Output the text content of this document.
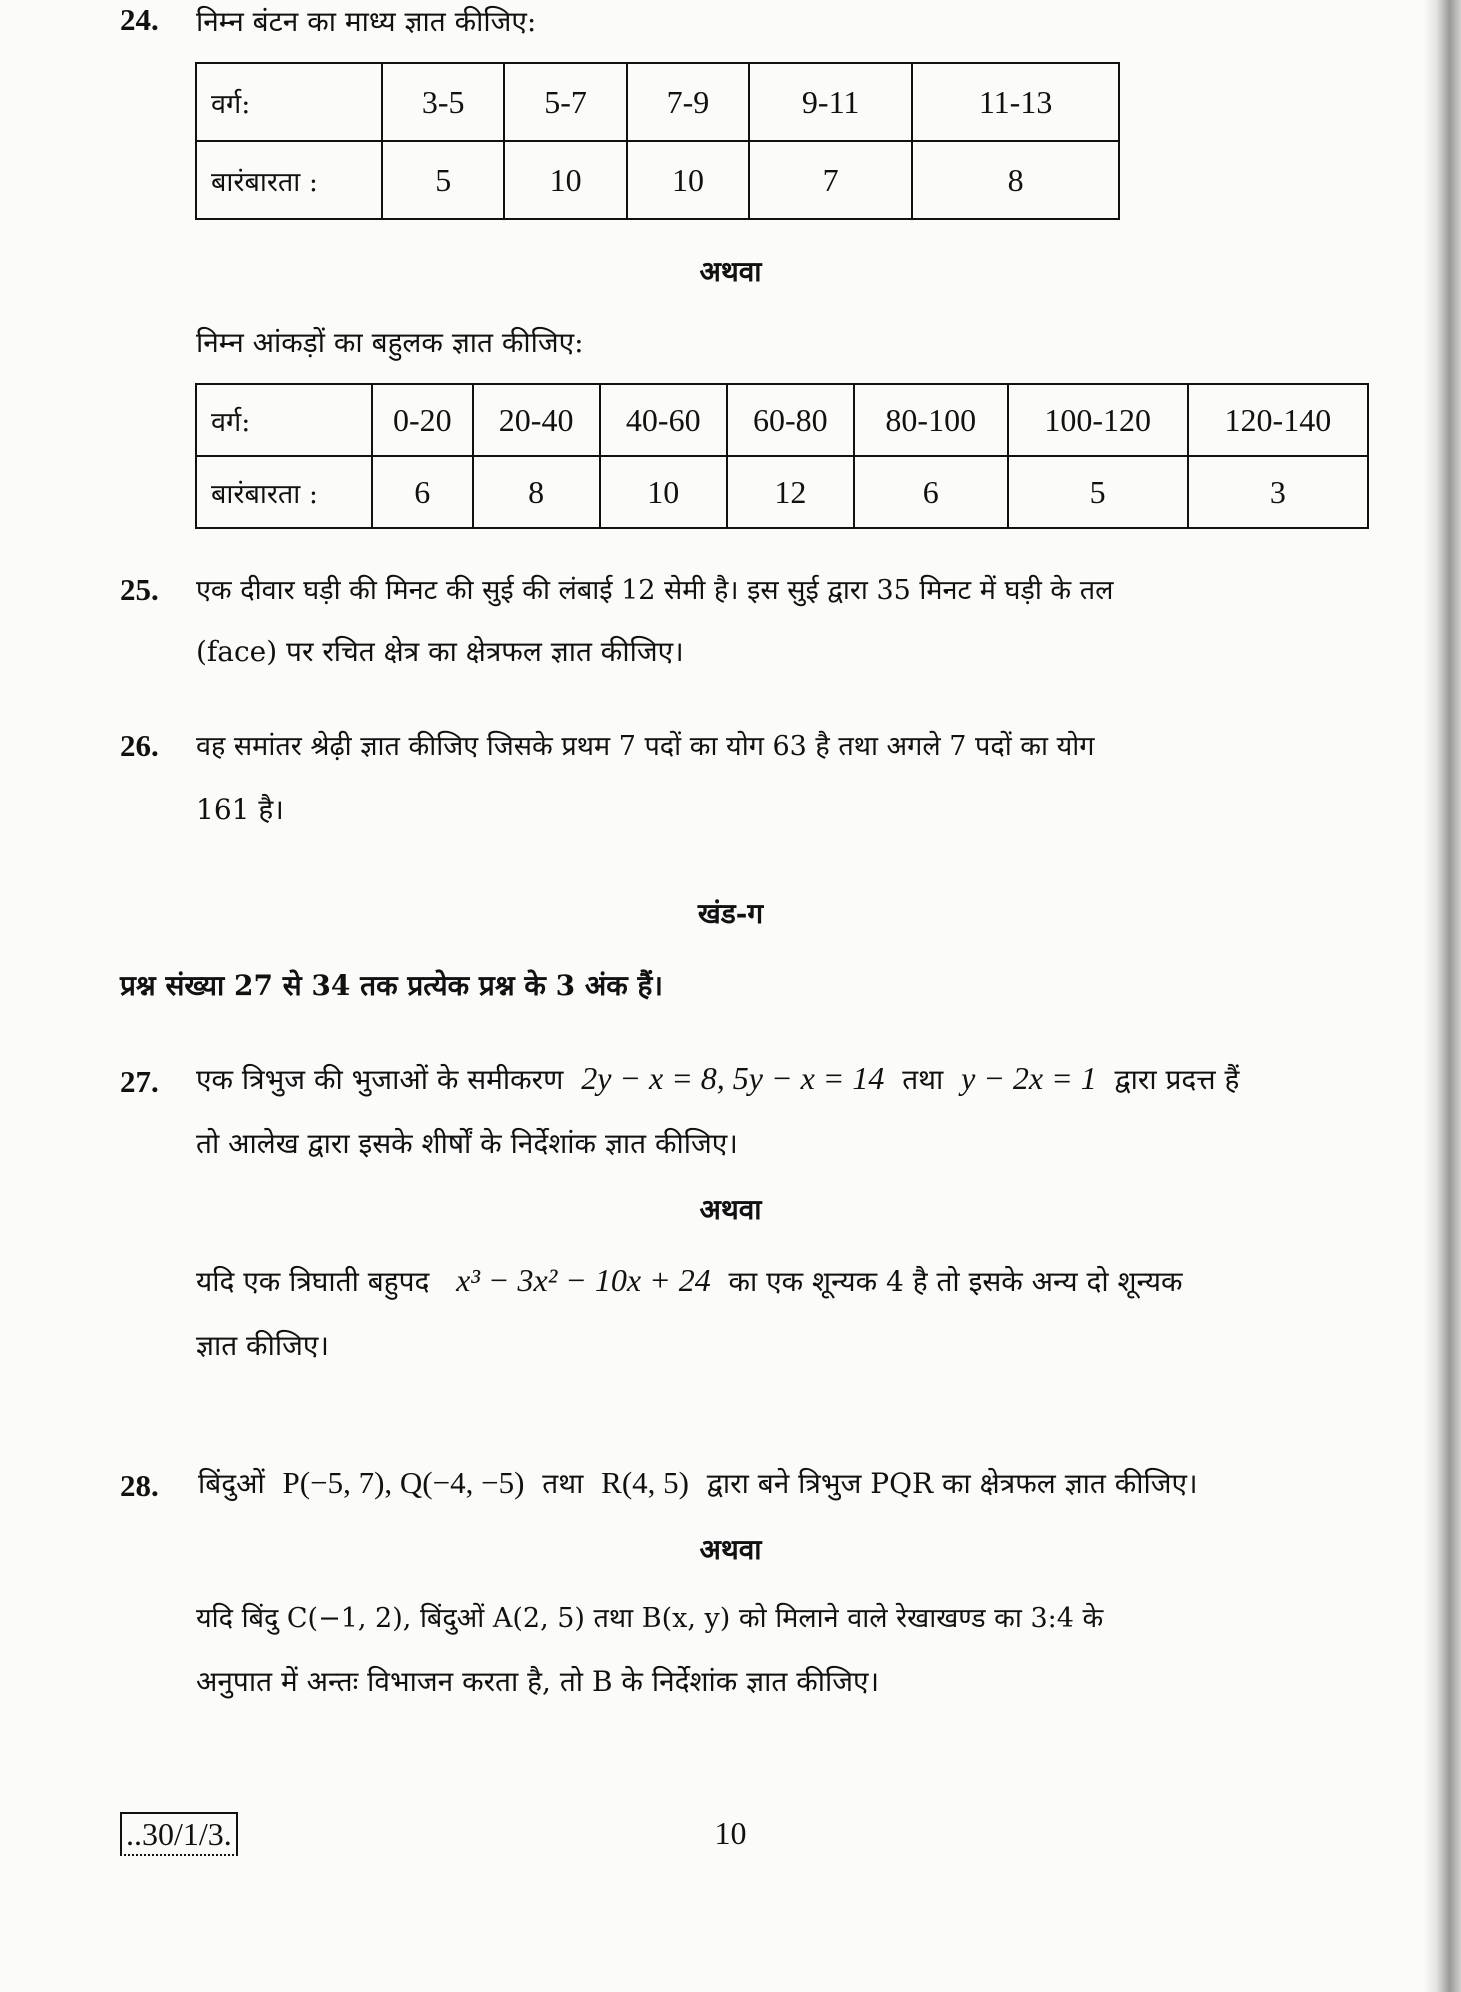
24. निम्न बंटन का माध्य ज्ञात कीजिए:
वर्ग:	3-5	5-7	7-9	9-11	11-13
बारंबारता :	5	10	10	7	8
अथवा
निम्न आंकड़ों का बहुलक ज्ञात कीजिए:
वर्ग:	0-20	20-40	40-60	60-80	80-100	100-120	120-140
बारंबारता :	6	8	10	12	6	5	3
25. एक दीवार घड़ी की मिनट की सुई की लंबाई 12 सेमी है। इस सुई द्वारा 35 मिनट में घड़ी के तल
(face) पर रचित क्षेत्र का क्षेत्रफल ज्ञात कीजिए।
26. वह समांतर श्रेढ़ी ज्ञात कीजिए जिसके प्रथम 7 पदों का योग 63 है तथा अगले 7 पदों का योग
161 है।
खंड-ग
प्रश्न संख्या 27 से 34 तक प्रत्येक प्रश्न के 3 अंक हैं।
27. एक त्रिभुज की भुजाओं के समीकरण 2y − x = 8, 5y − x = 14 तथा y − 2x = 1 द्वारा प्रदत्त हैं
तो आलेख द्वारा इसके शीर्षों के निर्देशांक ज्ञात कीजिए।
अथवा
यदि एक त्रिघाती बहुपद x³ − 3x² − 10x + 24 का एक शून्यक 4 है तो इसके अन्य दो शून्यक
ज्ञात कीजिए।
28. बिंदुओं P(−5, 7), Q(−4, −5) तथा R(4, 5) द्वारा बने त्रिभुज PQR का क्षेत्रफल ज्ञात कीजिए।
अथवा
यदि बिंदु C(−1, 2), बिंदुओं A(2, 5) तथा B(x, y) को मिलाने वाले रेखाखण्ड का 3:4 के
अनुपात में अन्तः विभाजन करता है, तो B के निर्देशांक ज्ञात कीजिए।
..30/1/3.	10
